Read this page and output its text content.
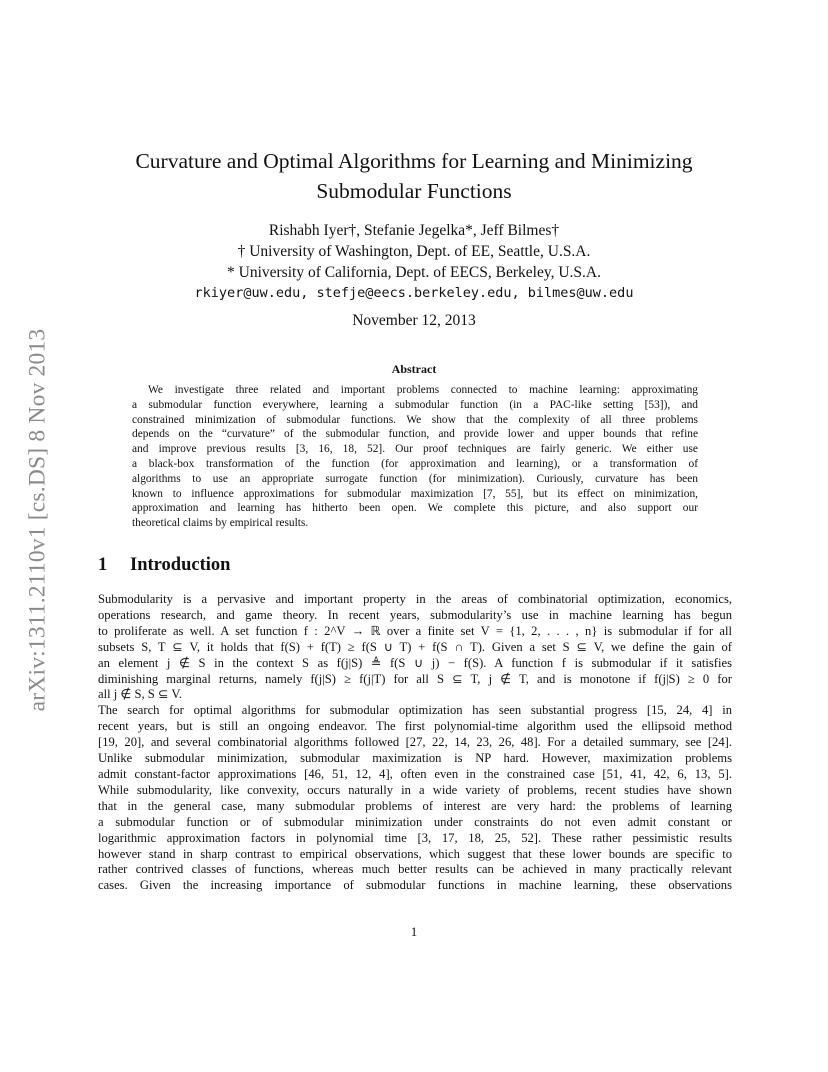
arXiv:1311.2110v1 [cs.DS] 8 Nov 2013
Curvature and Optimal Algorithms for Learning and Minimizing
Submodular Functions
Rishabh Iyer†, Stefanie Jegelka*, Jeff Bilmes†
† University of Washington, Dept. of EE, Seattle, U.S.A.
* University of California, Dept. of EECS, Berkeley, U.S.A.
rkiyer@uw.edu, stefje@eecs.berkeley.edu, bilmes@uw.edu
November 12, 2013
Abstract
We investigate three related and important problems connected to machine learning: approximating
a submodular function everywhere, learning a submodular function (in a PAC-like setting [53]), and
constrained minimization of submodular functions. We show that the complexity of all three problems
depends on the “curvature” of the submodular function, and provide lower and upper bounds that refine
and improve previous results [3, 16, 18, 52]. Our proof techniques are fairly generic. We either use
a black-box transformation of the function (for approximation and learning), or a transformation of
algorithms to use an appropriate surrogate function (for minimization). Curiously, curvature has been
known to influence approximations for submodular maximization [7, 55], but its effect on minimization,
approximation and learning has hitherto been open. We complete this picture, and also support our
theoretical claims by empirical results.
1 Introduction
Submodularity is a pervasive and important property in the areas of combinatorial optimization, economics,
operations research, and game theory. In recent years, submodularity’s use in machine learning has begun
to proliferate as well. A set function f : 2^V → ℝ over a finite set V = {1, 2, . . . , n} is submodular if for all
subsets S, T ⊆ V, it holds that f(S) + f(T) ≥ f(S ∪ T) + f(S ∩ T). Given a set S ⊆ V, we define the gain of
an element j ∉ S in the context S as f(j|S) ≜ f(S ∪ j) − f(S). A function f is submodular if it satisfies
diminishing marginal returns, namely f(j|S) ≥ f(j|T) for all S ⊆ T, j ∉ T, and is monotone if f(j|S) ≥ 0 for
all j ∉ S, S ⊆ V.
The search for optimal algorithms for submodular optimization has seen substantial progress [15, 24, 4] in
recent years, but is still an ongoing endeavor. The first polynomial-time algorithm used the ellipsoid method
[19, 20], and several combinatorial algorithms followed [27, 22, 14, 23, 26, 48]. For a detailed summary, see [24].
Unlike submodular minimization, submodular maximization is NP hard. However, maximization problems
admit constant-factor approximations [46, 51, 12, 4], often even in the constrained case [51, 41, 42, 6, 13, 5].
While submodularity, like convexity, occurs naturally in a wide variety of problems, recent studies have shown
that in the general case, many submodular problems of interest are very hard: the problems of learning
a submodular function or of submodular minimization under constraints do not even admit constant or
logarithmic approximation factors in polynomial time [3, 17, 18, 25, 52]. These rather pessimistic results
however stand in sharp contrast to empirical observations, which suggest that these lower bounds are specific to
rather contrived classes of functions, whereas much better results can be achieved in many practically relevant
cases. Given the increasing importance of submodular functions in machine learning, these observations
1
